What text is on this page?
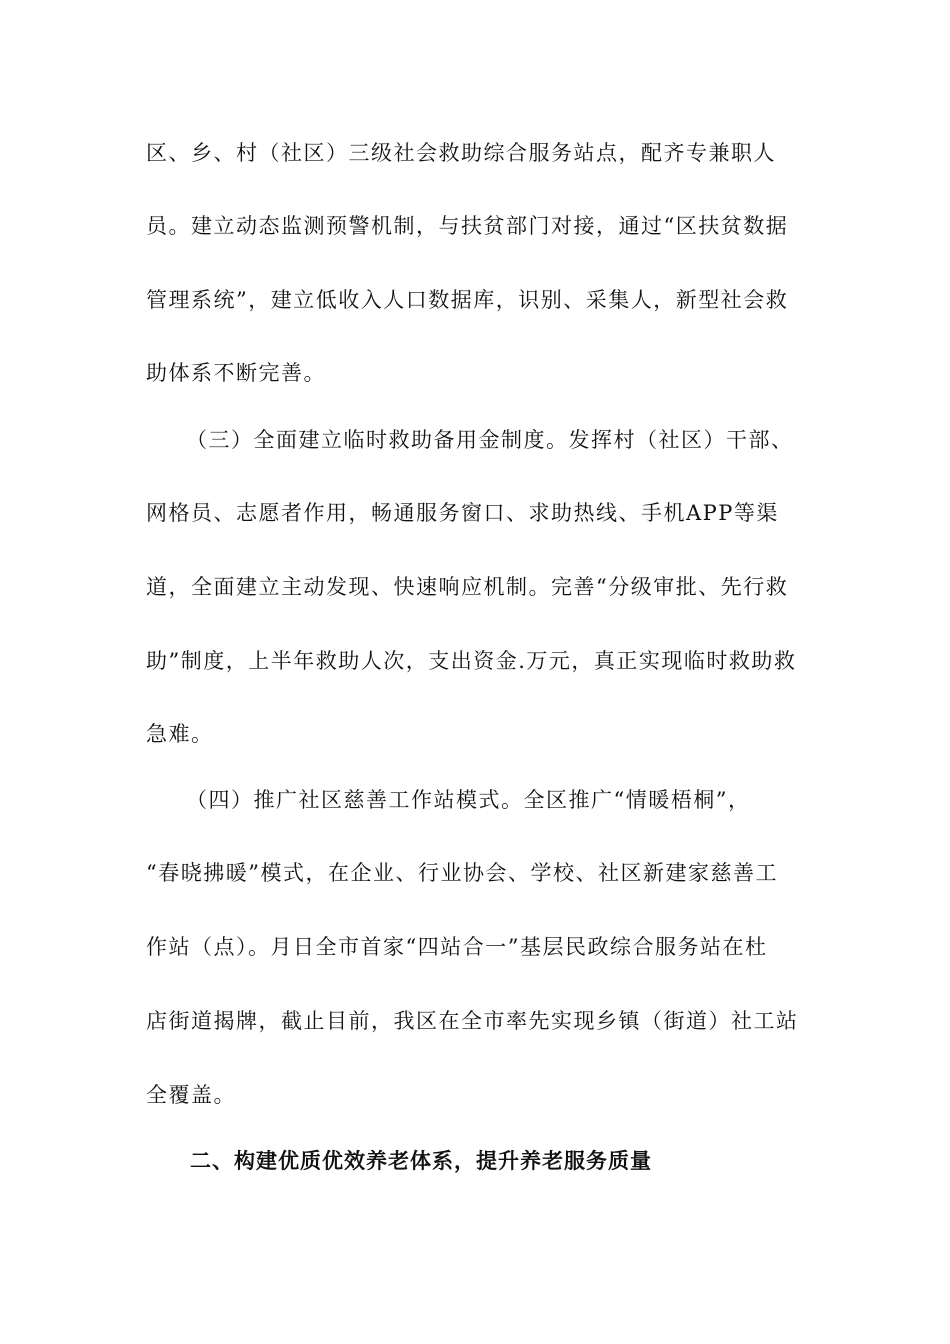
区、乡、村（社区）三级社会救助综合服务站点，配齐专兼职人
员。建立动态监测预警机制，与扶贫部门对接，通过“区扶贫数据
管理系统”，建立低收入人口数据库，识别、采集人，新型社会救
助体系不断完善。
（三）全面建立临时救助备用金制度。发挥村（社区）干部、
网格员、志愿者作用，畅通服务窗口、求助热线、手机APP等渠
道，全面建立主动发现、快速响应机制。完善“分级审批、先行救
助”制度，上半年救助人次，支出资金.万元，真正实现临时救助救
急难。
（四）推广社区慈善工作站模式。全区推广“情暖梧桐”，
“春晓拂暖”模式，在企业、行业协会、学校、社区新建家慈善工
作站（点）。月日全市首家“四站合一”基层民政综合服务站在杜
店街道揭牌，截止目前，我区在全市率先实现乡镇（街道）社工站
全覆盖。
二、构建优质优效养老体系，提升养老服务质量
